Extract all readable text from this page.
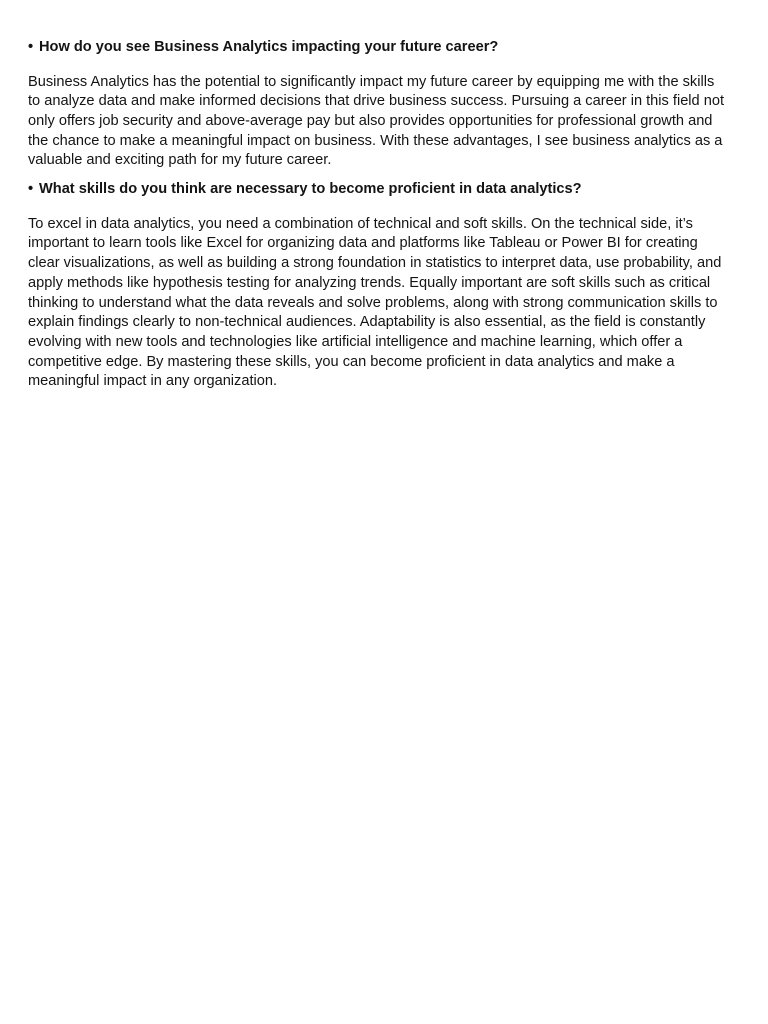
• How do you see Business Analytics impacting your future career?

Business Analytics has the potential to significantly impact my future career by equipping me with the skills to analyze data and make informed decisions that drive business success. Pursuing a career in this field not only offers job security and above-average pay but also provides opportunities for professional growth and the chance to make a meaningful impact on business. With these advantages, I see business analytics as a valuable and exciting path for my future career.

• What skills do you think are necessary to become proficient in data analytics?

To excel in data analytics, you need a combination of technical and soft skills. On the technical side, it’s important to learn tools like Excel for organizing data and platforms like Tableau or Power BI for creating clear visualizations, as well as building a strong foundation in statistics to interpret data, use probability, and apply methods like hypothesis testing for analyzing trends. Equally important are soft skills such as critical thinking to understand what the data reveals and solve problems, along with strong communication skills to explain findings clearly to non-technical audiences. Adaptability is also essential, as the field is constantly evolving with new tools and technologies like artificial intelligence and machine learning, which offer a competitive edge. By mastering these skills, you can become proficient in data analytics and make a meaningful impact in any organization.
